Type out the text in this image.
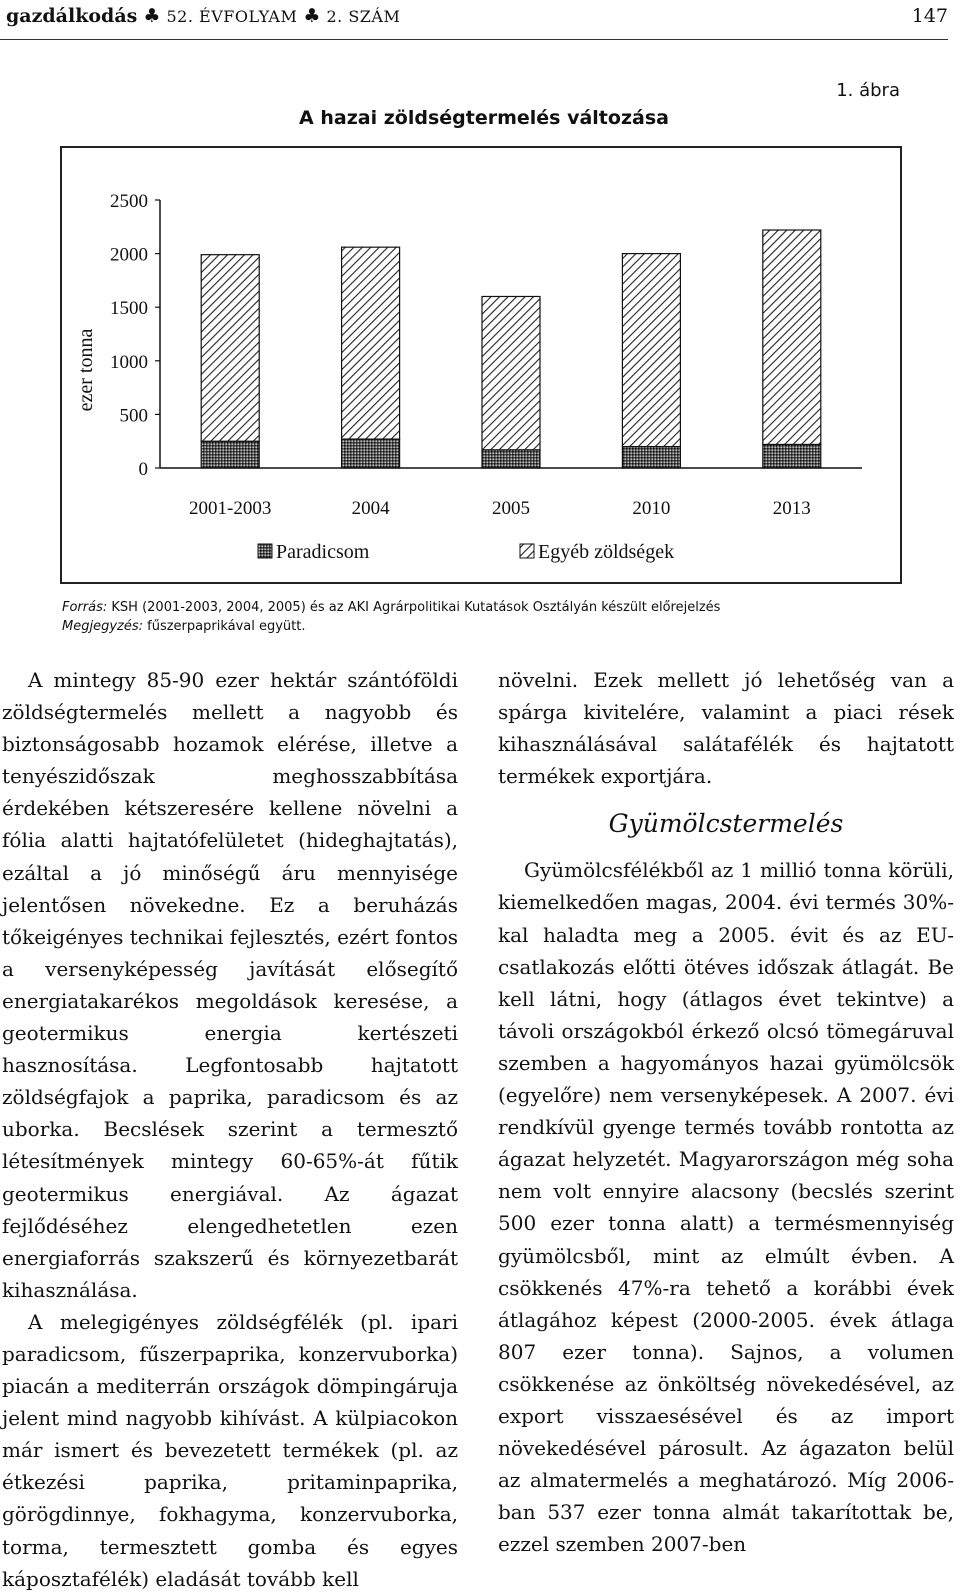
gazdálkodás ♣ 52. ÉVFOLYAM ♣ 2. SZÁM	147
1. ábra
A hazai zöldségtermelés változása
ezer tonna
0
500
1000
1500
2000
2500
2001-2003	2004	2005	2010	2013
Paradicsom	Egyéb zöldségek
Forrás: KSH (2001-2003, 2004, 2005) és az AKI Agrárpolitikai Kutatások Osztályán készült előrejelzés
Megjegyzés: fűszerpaprikával együtt.

A mintegy 85-90 ezer hektár szántóföldi zöldségtermelés mellett a nagyobb és biztonságosabb hozamok elérése, illetve a tenyészidőszak meghosszabbítása érdekében kétszeresére kellene növelni a fólia alatti hajtatófelületet (hideghajtatás), ezáltal a jó minőségű áru mennyisége jelentősen növekedne. Ez a beruházás tőkeigényes technikai fejlesztés, ezért fontos a versenyképesség javítását elősegítő energiatakarékos megoldások keresése, a geotermikus energia kertészeti hasznosítása. Legfontosabb hajtatott zöldségfajok a paprika, paradicsom és az uborka. Becslések szerint a termesztő létesítmények mintegy 60-65%-át fűtik geotermikus energiával. Az ágazat fejlődéséhez elengedhetetlen ezen energiaforrás szakszerű és környezetbarát kihasználása.

A melegigényes zöldségfélék (pl. ipari paradicsom, fűszerpaprika, konzervuborka) piacán a mediterrán országok dömpingáruja jelent mind nagyobb kihívást. A külpiacokon már ismert és bevezetett termékek (pl. az étkezési paprika, pritaminpaprika, görögdinnye, fokhagyma, konzervuborka, torma, termesztett gomba és egyes káposztafélék) eladását tovább kell

növelni. Ezek mellett jó lehetőség van a spárga kivitelére, valamint a piaci rések kihasználásával salátafélék és hajtatott termékek exportjára.

Gyümölcstermelés

Gyümölcsfélékből az 1 millió tonna körüli, kiemelkedően magas, 2004. évi termés 30%-kal haladta meg a 2005. évit és az EU-csatlakozás előtti ötéves időszak átlagát. Be kell látni, hogy (átlagos évet tekintve) a távoli országokból érkező olcsó tömegáruval szemben a hagyományos hazai gyümölcsök (egyelőre) nem versenyképesek. A 2007. évi rendkívül gyenge termés tovább rontotta az ágazat helyzetét. Magyarországon még soha nem volt ennyire alacsony (becslés szerint 500 ezer tonna alatt) a termésmennyiség gyümölcsből, mint az elmúlt évben. A csökkenés 47%-ra tehető a korábbi évek átlagához képest (2000-2005. évek átlaga 807 ezer tonna). Sajnos, a volumen csökkenése az önköltség növekedésével, az export visszaesésével és az import növekedésével párosult. Az ágazaton belül az almatermelés a meghatározó. Míg 2006-ban 537 ezer tonna almát takarítottak be, ezzel szemben 2007-ben
